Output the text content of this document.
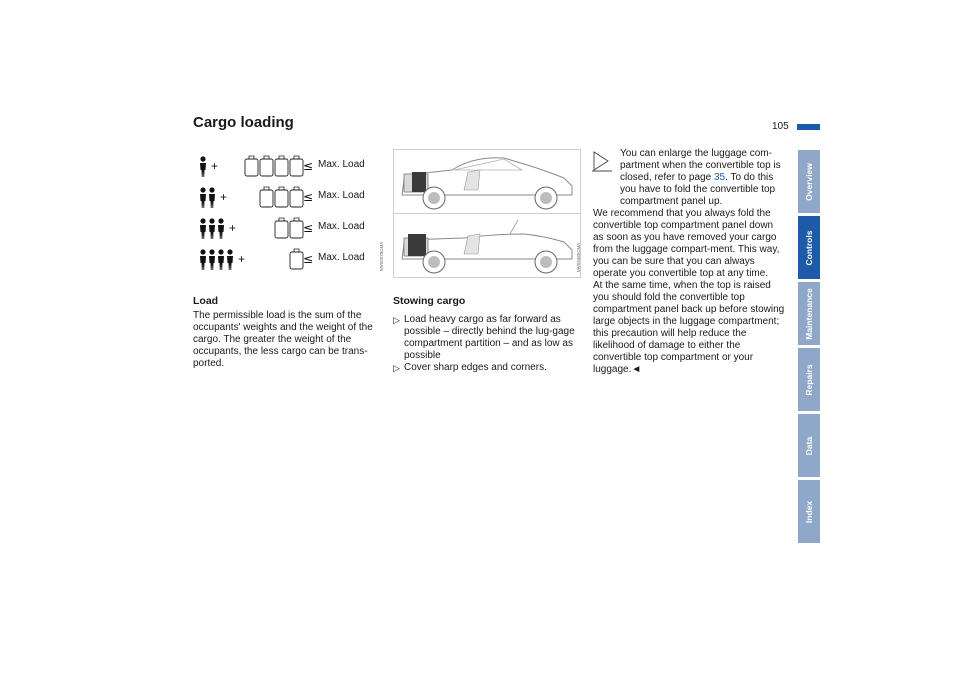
Cargo loading	105
Overview
Controls
Maintenance
Repairs
Data
Index
+	≤ Max. Load
+	≤ Max. Load
+	≤ Max. Load
+	≤ Max. Load	MV02078CMA	MV03485CMA
Load

The permissible load is the sum of the occupants' weights and the weight of the cargo. The greater the weight of the occupants, the less cargo can be trans-ported.

Stowing cargo
▷ Load heavy cargo as far forward as possible – directly behind the lug-gage compartment partition – and as low as possible
▷ Cover sharp edges and corners.

You can enlarge the luggage com-partment when the convertible top is closed, refer to page 35. To do this you have to fold the convertible top compartment panel up.

We recommend that you always fold the convertible top compartment panel down as soon as you have removed your cargo from the luggage compart-ment. This way, you can be sure that you can always operate you convertible top at any time.

At the same time, when the top is raised you should fold the convertible top compartment panel back up before stowing large objects in the luggage compartment; this precaution will help reduce the likelihood of damage to either the convertible top compartment or your luggage.◄
